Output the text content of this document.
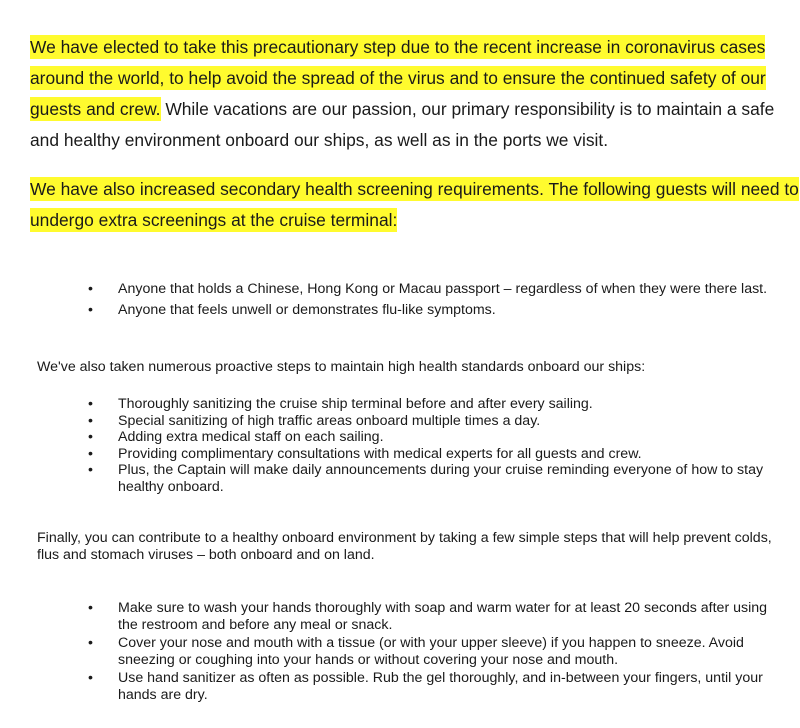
We have elected to take this precautionary step due to the recent increase in coronavirus cases around the world, to help avoid the spread of the virus and to ensure the continued safety of our guests and crew. While vacations are our passion, our primary responsibility is to maintain a safe and healthy environment onboard our ships, as well as in the ports we visit.

We have also increased secondary health screening requirements. The following guests will need to undergo extra screenings at the cruise terminal:

• Anyone that holds a Chinese, Hong Kong or Macau passport – regardless of when they were there last.
• Anyone that feels unwell or demonstrates flu-like symptoms.

We've also taken numerous proactive steps to maintain high health standards onboard our ships:

• Thoroughly sanitizing the cruise ship terminal before and after every sailing.
• Special sanitizing of high traffic areas onboard multiple times a day.
• Adding extra medical staff on each sailing.
• Providing complimentary consultations with medical experts for all guests and crew.
• Plus, the Captain will make daily announcements during your cruise reminding everyone of how to stay healthy onboard.

Finally, you can contribute to a healthy onboard environment by taking a few simple steps that will help prevent colds, flus and stomach viruses – both onboard and on land.

• Make sure to wash your hands thoroughly with soap and warm water for at least 20 seconds after using the restroom and before any meal or snack.
• Cover your nose and mouth with a tissue (or with your upper sleeve) if you happen to sneeze. Avoid sneezing or coughing into your hands or without covering your nose and mouth.
• Use hand sanitizer as often as possible. Rub the gel thoroughly, and in-between your fingers, until your hands are dry.
